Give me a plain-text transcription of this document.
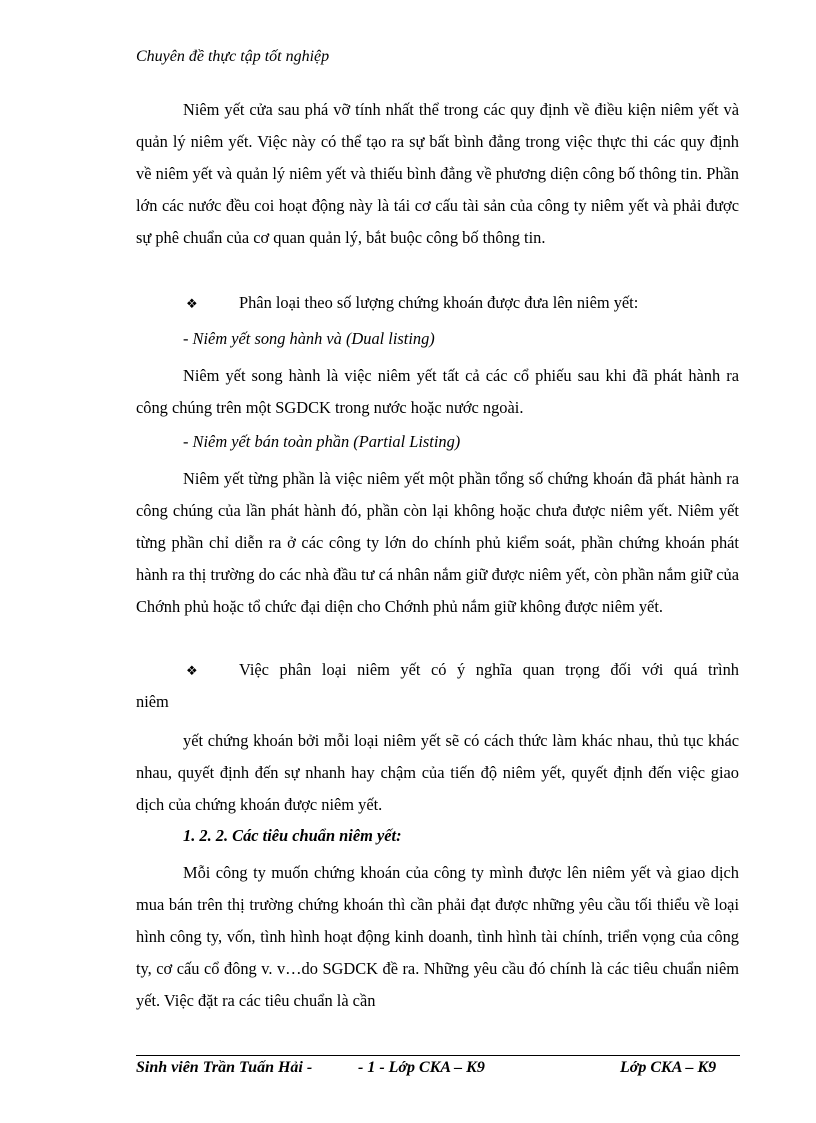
Chuyên đề thực tập tốt nghiệp

Niêm yết cửa sau phá vỡ tính nhất thể trong các quy định về điều kiện niêm yết và quản lý niêm yết. Việc này có thể tạo ra sự bất bình đẳng trong việc thực thi các quy định về niêm yết và quản lý niêm yết và thiếu bình đẳng về phương diện công bố thông tin. Phần lớn các nước đều coi hoạt động này là tái cơ cấu tài sản của công ty niêm yết và phải được sự phê chuẩn của cơ quan quản lý, bắt buộc công bố thông tin.

❖	Phân loại theo số lượng chứng khoán được đưa lên niêm yết:

- Niêm yết song hành và (Dual listing)

Niêm yết song hành là việc niêm yết tất cả các cổ phiếu sau khi đã phát hành ra công chúng trên một SGDCK trong nước hoặc nước ngoài.

- Niêm yết bán toàn phần (Partial Listing)

Niêm yết từng phần là việc niêm yết một phần tổng số chứng khoán đã phát hành ra công chúng của lần phát hành đó, phần còn lại không hoặc chưa được niêm yết. Niêm yết từng phần chỉ diễn ra ở các công ty lớn do chính phủ kiểm soát, phần chứng khoán phát hành ra thị trường do các nhà đầu tư cá nhân nắm giữ được niêm yết, còn phần nắm giữ của Chớnh phủ hoặc tổ chức đại diện cho Chớnh phủ nắm giữ không được niêm yết.

❖	Việc phân loại niêm yết có ý nghĩa quan trọng đối với quá trình

niêm

yết chứng khoán bởi mỗi loại niêm yết sẽ có cách thức làm khác nhau, thủ tục khác nhau, quyết định đến sự nhanh hay chậm của tiến độ niêm yết, quyết định đến việc giao dịch của chứng khoán được niêm yết.

1. 2. 2. Các tiêu chuẩn niêm yết:

Mỗi công ty muốn chứng khoán của công ty mình được lên niêm yết và giao dịch mua bán trên thị trường chứng khoán thì cần phải đạt được những yêu cầu tối thiểu về loại hình công ty, vốn, tình hình hoạt động kinh doanh, tình hình tài chính, triển vọng của công ty, cơ cấu cổ đông v. v…do SGDCK đề ra. Những yêu cầu đó chính là các tiêu chuẩn niêm yết. Việc đặt ra các tiêu chuẩn là cần

Sinh viên Trần Tuấn Hải -	- 1 - Lớp CKA – K9	Lớp CKA – K9
